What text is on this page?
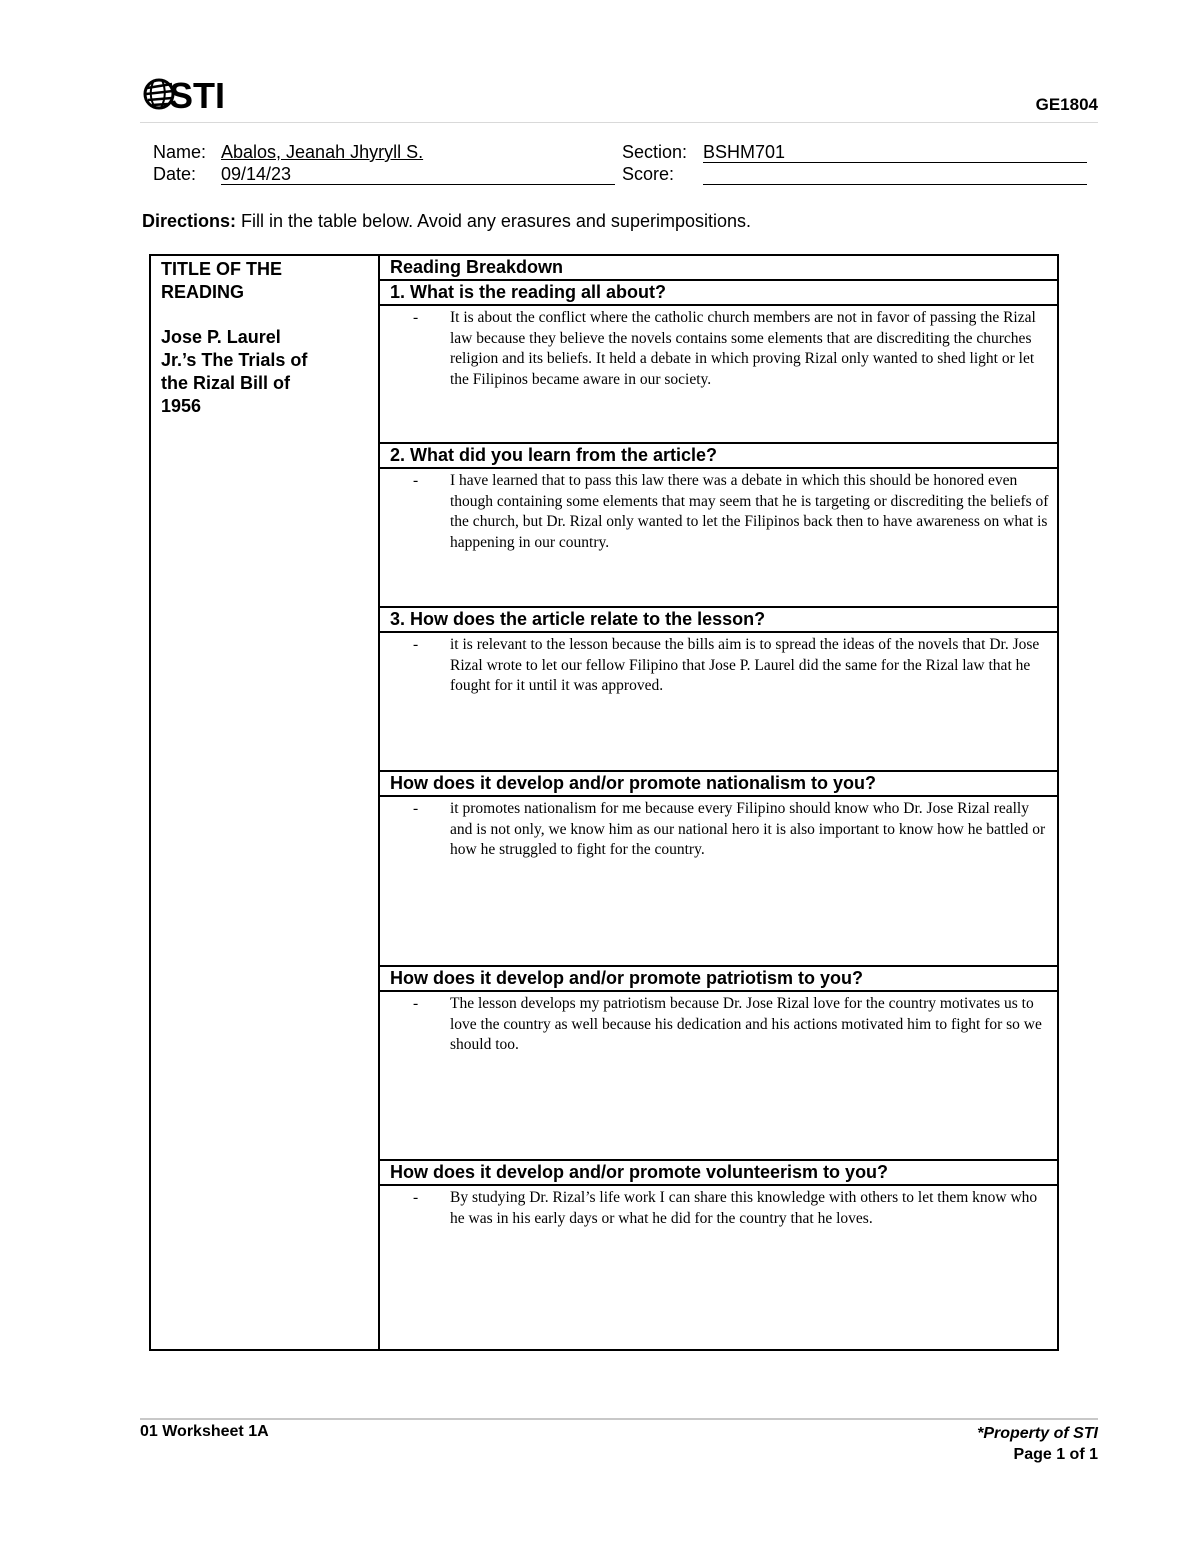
STI	GE1804
Name: Abalos, Jeanah Jhyryll S.
Date: 09/14/23
Section: BSHM701
Score:
Directions: Fill in the table below. Avoid any erasures and superimpositions.
TITLE OF THE READING
Jose P. Laurel Jr.’s The Trials of the Rizal Bill of 1956
Reading Breakdown
1. What is the reading all about?
- It is about the conflict where the catholic church members are not in favor of passing the Rizal law because they believe the novels contains some elements that are discrediting the churches religion and its beliefs. It held a debate in which proving Rizal only wanted to shed light or let the Filipinos became aware in our society.
2. What did you learn from the article?
- I have learned that to pass this law there was a debate in which this should be honored even though containing some elements that may seem that he is targeting or discrediting the beliefs of the church, but Dr. Rizal only wanted to let the Filipinos back then to have awareness on what is happening in our country.
3. How does the article relate to the lesson?
- it is relevant to the lesson because the bills aim is to spread the ideas of the novels that Dr. Jose Rizal wrote to let our fellow Filipino that Jose P. Laurel did the same for the Rizal law that he fought for it until it was approved.
How does it develop and/or promote nationalism to you?
- it promotes nationalism for me because every Filipino should know who Dr. Jose Rizal really and is not only, we know him as our national hero it is also important to know how he battled or how he struggled to fight for the country.
How does it develop and/or promote patriotism to you?
- The lesson develops my patriotism because Dr. Jose Rizal love for the country motivates us to love the country as well because his dedication and his actions motivated him to fight for so we should too.
How does it develop and/or promote volunteerism to you?
- By studying Dr. Rizal’s life work I can share this knowledge with others to let them know who he was in his early days or what he did for the country that he loves.
01 Worksheet 1A	*Property of STI
Page 1 of 1
